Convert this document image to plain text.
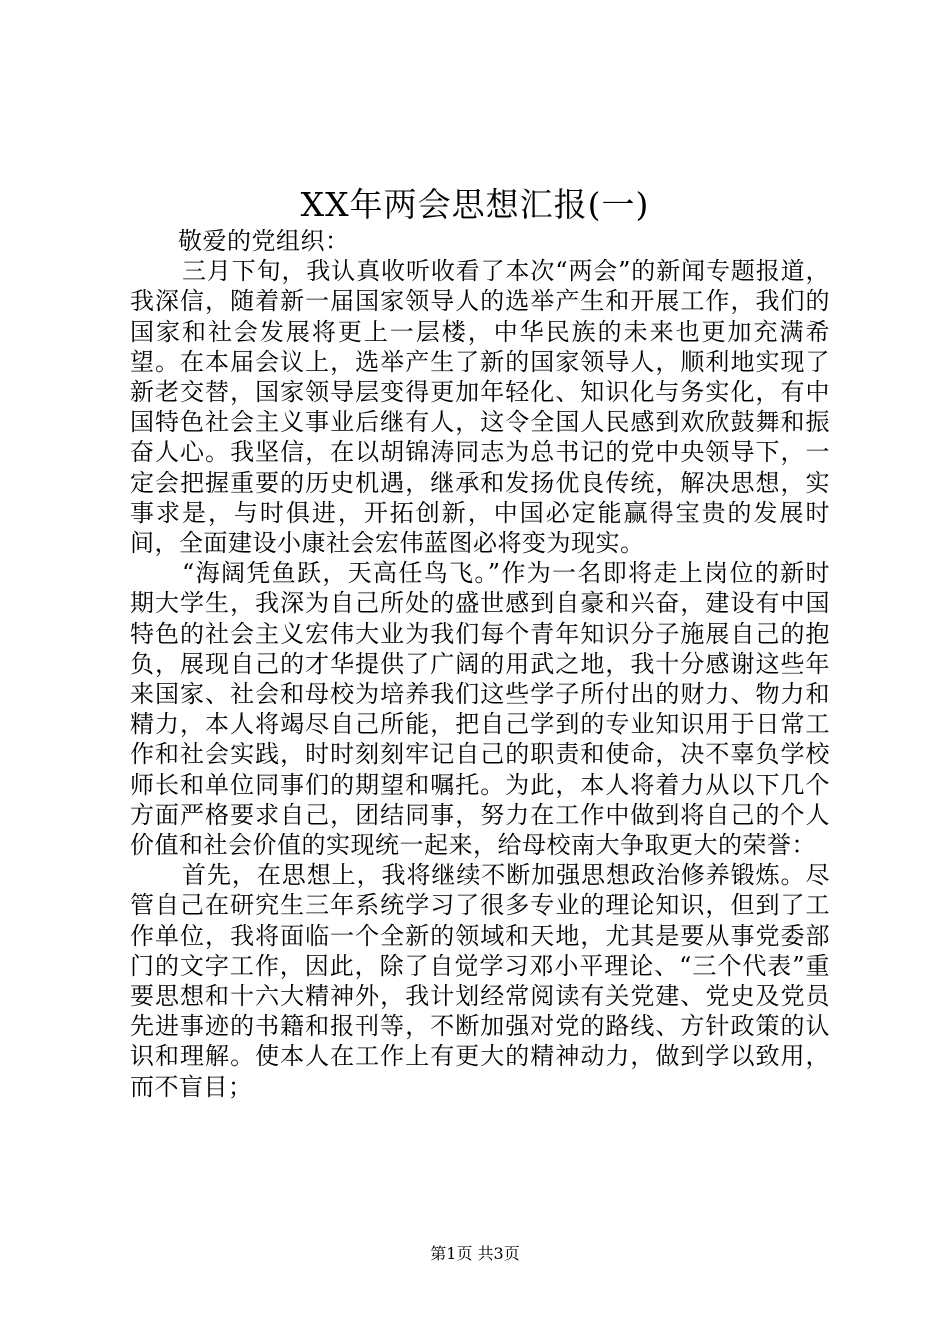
XX年两会思想汇报(一)

敬爱的党组织：

三月下旬，我认真收听收看了本次“两会”的新闻专题报道，我深信，随着新一届国家领导人的选举产生和开展工作，我们的国家和社会发展将更上一层楼，中华民族的未来也更加充满希望。在本届会议上，选举产生了新的国家领导人，顺利地实现了新老交替，国家领导层变得更加年轻化、知识化与务实化，有中国特色社会主义事业后继有人，这令全国人民感到欢欣鼓舞和振奋人心。我坚信，在以胡锦涛同志为总书记的党中央领导下，一定会把握重要的历史机遇，继承和发扬优良传统，解决思想，实事求是，与时俱进，开拓创新，中国必定能赢得宝贵的发展时间，全面建设小康社会宏伟蓝图必将变为现实。

“海阔凭鱼跃，天高任鸟飞。”作为一名即将走上岗位的新时期大学生，我深为自己所处的盛世感到自豪和兴奋，建设有中国特色的社会主义宏伟大业为我们每个青年知识分子施展自己的抱负，展现自己的才华提供了广阔的用武之地，我十分感谢这些年来国家、社会和母校为培养我们这些学子所付出的财力、物力和精力，本人将竭尽自己所能，把自己学到的专业知识用于日常工作和社会实践，时时刻刻牢记自己的职责和使命，决不辜负学校师长和单位同事们的期望和嘱托。为此，本人将着力从以下几个方面严格要求自己，团结同事，努力在工作中做到将自己的个人价值和社会价值的实现统一起来，给母校南大争取更大的荣誉：

首先，在思想上，我将继续不断加强思想政治修养锻炼。尽管自己在研究生三年系统学习了很多专业的理论知识，但到了工作单位，我将面临一个全新的领域和天地，尤其是要从事党委部门的文字工作，因此，除了自觉学习邓小平理论、“三个代表”重要思想和十六大精神外，我计划经常阅读有关党建、党史及党员先进事迹的书籍和报刊等，不断加强对党的路线、方针政策的认识和理解。使本人在工作上有更大的精神动力，做到学以致用，而不盲目；

第1页 共3页
